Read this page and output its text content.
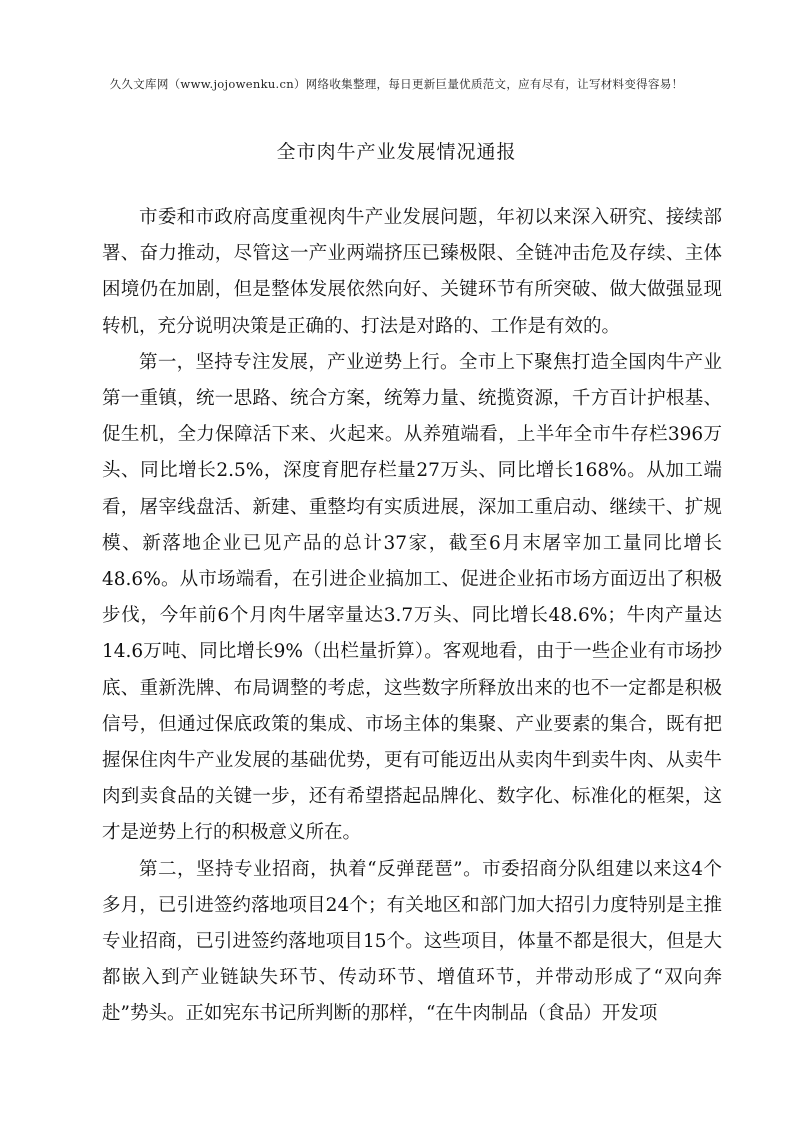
久久文库网（www.jojowenku.cn）网络收集整理，每日更新巨量优质范文，应有尽有，让写材料变得容易！
全市肉牛产业发展情况通报

市委和市政府高度重视肉牛产业发展问题，年初以来深入研究、接续部署、奋力推动，尽管这一产业两端挤压已臻极限、全链冲击危及存续、主体困境仍在加剧，但是整体发展依然向好、关键环节有所突破、做大做强显现转机，充分说明决策是正确的、打法是对路的、工作是有效的。

第一，坚持专注发展，产业逆势上行。全市上下聚焦打造全国肉牛产业第一重镇，统一思路、统合方案，统筹力量、统揽资源，千方百计护根基、促生机，全力保障活下来、火起来。从养殖端看，上半年全市牛存栏396万头、同比增长2.5%，深度育肥存栏量27万头、同比增长168%。从加工端看，屠宰线盘活、新建、重整均有实质进展，深加工重启动、继续干、扩规模、新落地企业已见产品的总计37家，截至6月末屠宰加工量同比增长48.6%。从市场端看，在引进企业搞加工、促进企业拓市场方面迈出了积极步伐，今年前6个月肉牛屠宰量达3.7万头、同比增长48.6%；牛肉产量达14.6万吨、同比增长9%（出栏量折算）。客观地看，由于一些企业有市场抄底、重新洗牌、布局调整的考虑，这些数字所释放出来的也不一定都是积极信号，但通过保底政策的集成、市场主体的集聚、产业要素的集合，既有把握保住肉牛产业发展的基础优势，更有可能迈出从卖肉牛到卖牛肉、从卖牛肉到卖食品的关键一步，还有希望搭起品牌化、数字化、标准化的框架，这才是逆势上行的积极意义所在。

第二，坚持专业招商，执着“反弹琵琶”。市委招商分队组建以来这4个多月，已引进签约落地项目24个；有关地区和部门加大招引力度特别是主推专业招商，已引进签约落地项目15个。这些项目，体量不都是很大，但是大都嵌入到产业链缺失环节、传动环节、增值环节，并带动形成了“双向奔赴”势头。正如宪东书记所判断的那样，“在牛肉制品（食品）开发项
